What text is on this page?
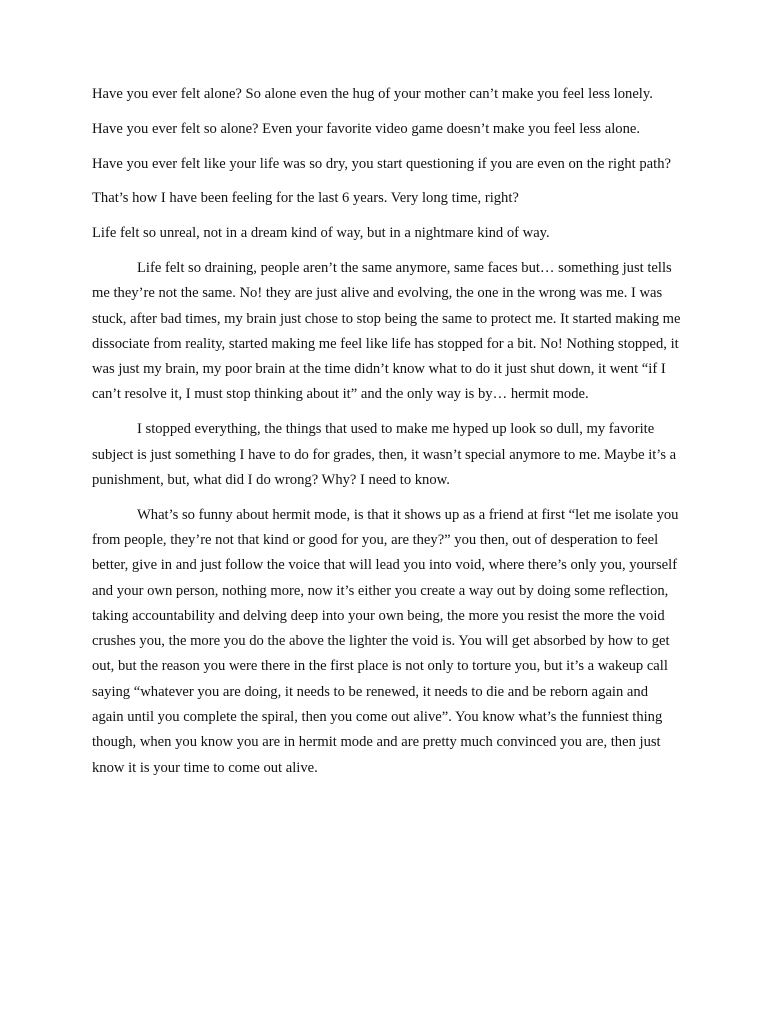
Have you ever felt alone? So alone even the hug of your mother can’t make you feel less lonely.

Have you ever felt so alone? Even your favorite video game doesn’t make you feel less alone.

Have you ever felt like your life was so dry, you start questioning if you are even on the right path?

That’s how I have been feeling for the last 6 years. Very long time, right?

Life felt so unreal, not in a dream kind of way, but in a nightmare kind of way.

Life felt so draining, people aren’t the same anymore, same faces but… something just tells me they’re not the same. No! they are just alive and evolving, the one in the wrong was me. I was stuck, after bad times, my brain just chose to stop being the same to protect me. It started making me dissociate from reality, started making me feel like life has stopped for a bit. No! Nothing stopped, it was just my brain, my poor brain at the time didn’t know what to do it just shut down, it went “if I can’t resolve it, I must stop thinking about it” and the only way is by… hermit mode.

I stopped everything, the things that used to make me hyped up look so dull, my favorite subject is just something I have to do for grades, then, it wasn’t special anymore to me. Maybe it’s a punishment, but, what did I do wrong? Why? I need to know.

What’s so funny about hermit mode, is that it shows up as a friend at first “let me isolate you from people, they’re not that kind or good for you, are they?” you then, out of desperation to feel better, give in and just follow the voice that will lead you into void, where there’s only you, yourself and your own person, nothing more, now it’s either you create a way out by doing some reflection, taking accountability and delving deep into your own being, the more you resist the more the void crushes you, the more you do the above the lighter the void is. You will get absorbed by how to get out, but the reason you were there in the first place is not only to torture you, but it’s a wakeup call saying “whatever you are doing, it needs to be renewed, it needs to die and be reborn again and again until you complete the spiral, then you come out alive”. You know what’s the funniest thing though, when you know you are in hermit mode and are pretty much convinced you are, then just know it is your time to come out alive.
